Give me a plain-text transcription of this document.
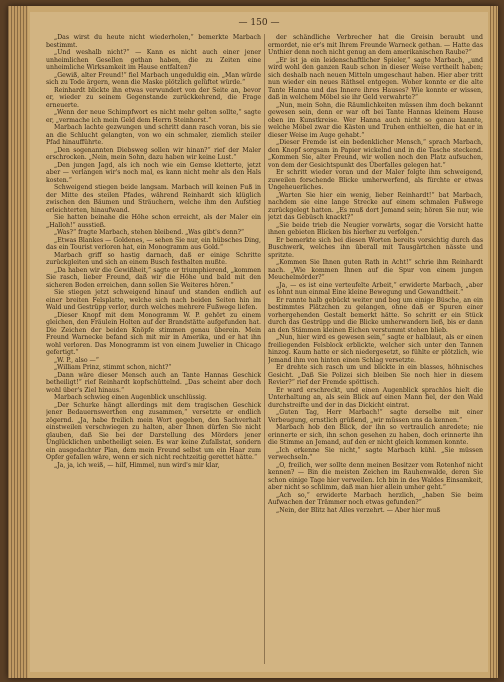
— 150 —

„Das wirst du heute nicht wiederholen,“ bemerkte Marbach bestimmt.

„Und weshalb nicht?“ — Kann es nicht auch einer jener unheimlichen Gesellen gethan haben, die zu Zeiten eine unheimliche Wirksamkeit im Hause entfalten?

„Gewiß, alter Freund!“ fiel Marbach ungeduldig ein. „Man würde sich zu Tode ärgern, wenn die Maske plötzlich gelüftet würde.“

Reinhardt blickte ihn etwas verwundert von der Seite an, bevor er, wieder zu seinem Gegenstande zurückkehrend, die Frage erneuerte.

„Wenn der neue Schimpfwort es nicht mehr gelten sollte,“ sagte er, „vermache ich mein Geld dem Herrn Steinhorst.“

Marbach lachte gezwungen und schritt dann rasch voran, bis sie an die Schlucht gelangten, von wo ein schmaler, ziemlich steiler Pfad hinaufführte.

„Den sogenannten Diebsweg sollen wir hinan?“ rief der Maler erschrocken. „Nein, mein Sohn, dazu haben wir keine Lust.“

„Den jungen Jagd, als ich noch wie ein Gemse kletterte, jetzt aber — verlangen wir's noch mal, es kann nicht mehr als den Hals kosten.“

Schweigend stiegen beide langsam. Marbach will keinen Fuß in der Mitte des steilen Pfades, während Reinhardt sich klüglich zwischen den Bäumen und Sträuchern, welche ihm den Aufstieg erleichterten, hinaufwand.

Sie hatten beinahe die Höhe schon erreicht, als der Maler ein „Halloh!“ ausstieß.

„Was?“ fragte Marbach, stehen bleibend. „Was gibt's denn?“

„Etwas Blankes — Goldenes, — sehen Sie nur, ein hübsches Ding, das ein Tourist verloren hat, ein Monogramm aus Gold.“

Marbach griff so hastig darnach, daß er einige Schritte zurückgleiten und sich an einem Busch festhalten mußte.

„Da haben wir die Gewißheit,“ sagte er triumphierend, „kommen Sie rasch, lieber Freund, daß wir die Höhe und bald mit den sicheren Boden erreichen, dann sollen Sie Weiteres hören.“

Sie stiegen jetzt schweigend hinauf und standen endlich auf einer breiten Felsplatte, welche sich nach beiden Seiten hin im Wald und Gestrüpp verlor, durch welches mehrere Fußwege liefen.

„Dieser Knopf mit dem Monogramm W. P. gehört zu einem gleichen, den Fräulein Holten auf der Brandstätte aufgefunden hat. Die Zeichen der beiden Knöpfe stimmen genau überein. Mein Freund Warnecke befand sich mit mir in Amerika, und er hat ihn wohl verloren. Das Monogramm ist von einem Juwelier in Chicago gefertigt.“

„W. P., also —“

„William Prinz, stimmt schon, nicht?“

„Dann wäre dieser Mensch auch an Tante Hannas Geschick betheiligt!“ rief Reinhardt kopfschüttelnd. „Das scheint aber doch wohl über's Ziel hinaus.“

Marbach schwieg einen Augenblick unschlüssig.

„Der Schurke hängt allerdings mit dem tragischen Geschick jener Bedauernswerthen eng zusammen,“ versetzte er endlich zögernd. „Ja, habe freilich mein Wort gegeben, den Sachverhalt einstweilen verschwiegen zu halten, aber Ihnen dürfen Sie nicht glauben, daß Sie bei der Darstellung des Mörders jener Unglücklichen unbetheiligt seien. Es war keine Zufallstat, sondern ein ausgedachter Plan, dem mein Freund selbst um ein Haar zum Opfer gefallen wäre, wenn er sich nicht rechtzeitig gerettet hätte.“

„Ja, ja, ich weiß, — hilf, Himmel, nun wird's mir klar,

der schändliche Verbrecher hat die Greisin beraubt und ermordet, nie er's mit Ihrem Freunde Warneck gethan. — Hatte das Unthier denn noch nicht genug an dem amerikanischen Raube?“

„Er ist ja ein leidenschaftlicher Spieler,“ sagte Marbach, „und wird wohl den ganzen Raub schon in dieser Weise vertheilt haben; sich deshalb nach neuen Mitteln umgeschaut haben. Hier aber tritt nun wieder ein neues Räthsel entgegen. Woher konnte er die alte Tante Hanna und das Innere ihres Hauses? Wie konnte er wissen, daß in welchem Möbel sie ihr Geld verwahrte?“

„Nun, mein Sohn, die Räumlichkeiten müssen ihm doch bekannt gewesen sein, denn er war oft bei Tante Hannas kleinem Hause oben im Kunstkreise. Wer Hanna auch nicht so genau kannte, welche Möbel zwar die Kästen und Truhen enthielten, die hat er in dieser Weise im Auge gehabt.“

„Dieser Fremde ist ein bedenklicher Mensch,“ sprach Marbach, den Knopf sorgsam in Papier wickelnd und in die Tasche steckend. „Kommen Sie, alter Freund, wir wollen noch den Platz aufsuchen, von dem der Gesichtspunkt des Überfalles gelegen hat.“

Er schritt wieder voran und der Maler folgte ihm schweigend, zuweilen forschende Blicke umherwerfend, als fürchte er etwas Ungeheuerliches.

„Warten Sie hier ein wenig, lieber Reinhardt!“ bat Marbach, nachdem sie eine lange Strecke auf einem schmalen Fußwege zurückgelegt hatten. „Es muß dort Jemand sein; hören Sie nur, wie jetzt das Gebüsch knackt?“

„Sie beide trieb die Neugier vorwärts, sogar die Vorsicht hatte ihnen gebieten Blicken bis hierher zu verfolgen.“

Er bemerkte sich bei diesen Worten bereits vorsichtig durch das Buschwerk, welches ihn überall mit Tausgärtchen nässte und spritzte.

„Kommen Sie Ihnen guten Rath in Acht!“ schrie ihm Reinhardt nach. „Wie kommen Ihnen auf die Spur von einem jungen Meuchelmörder?“

„Ja, — es ist eine verteufelte Arbeit,“ erwiderte Marbach, „aber es lohnt nun einmal Eine kleine Bewegung und Gewandtheit.“

Er rannte halb gebückt weiter und bog um einige Büsche, an ein bestimmtes Plätzchen zu gelangen, ohne daß er Spuren einer vorhergehenden Gestalt bemerkt hätte. So schritt er ein Stück durch das Gestrüpp und die Blicke umherwandern ließ, bis er dann an den Stämmen kleinen Eichen verstummt stehen blieb.

„Nun, hier wird es gewesen sein,“ sagte er halblaut, als er einen freiliegenden Felsblock erblickte, welcher sich unter den Tannen hinzog. Kaum hatte er sich niedergesetzt, so fühlte er plötzlich, wie Jemand ihm von hinten einen Schlag versetzte.

Er drehte sich rasch um und blickte in ein blasses, höhnisches Gesicht. „Daß Sie Polizei sich bleiben Sie noch hier in diesem Revier?“ rief der Fremde spöttisch.

Er ward erschreckt, und einen Augenblick sprachlos hielt die Unterhaltung an, als sein Blick auf einen Mann fiel, der den Wald durchstreifte und der in das Dickicht eintrat.

„Guten Tag, Herr Marbach!“ sagte derselbe mit einer Verbeugung, ernstlich grüßend, „wir müssen uns da kennen.“

Marbach hob den Blick, der ihn so vertraulich anredete; nie erinnerte er sich, ihn schon gesehen zu haben, doch erinnerte ihn die Stimme an Jemand, auf den er nicht gleich kommen konnte.

„Ich erkenne Sie nicht,“ sagte Marbach kühl. „Sie müssen verwechseln.“

„O, freilich, wer sollte denn meinen Besitzer vom Rotenhof nicht kennen? — Bin die meisten Zeichen im Rauhenwalde, deren Sie schon einige Tage hier verweilen. Ich bin in des Waldes Einsamkeit, aber nicht so schlimm, daß man hier allein umher geht.“

„Ach so,“ erwiderte Marbach herzlich, „haben Sie beim Aufwachen der Trämmer noch etwas gefunden?“

„Nein, der Blitz hat Alles verzehrt. — Aber hier muß
